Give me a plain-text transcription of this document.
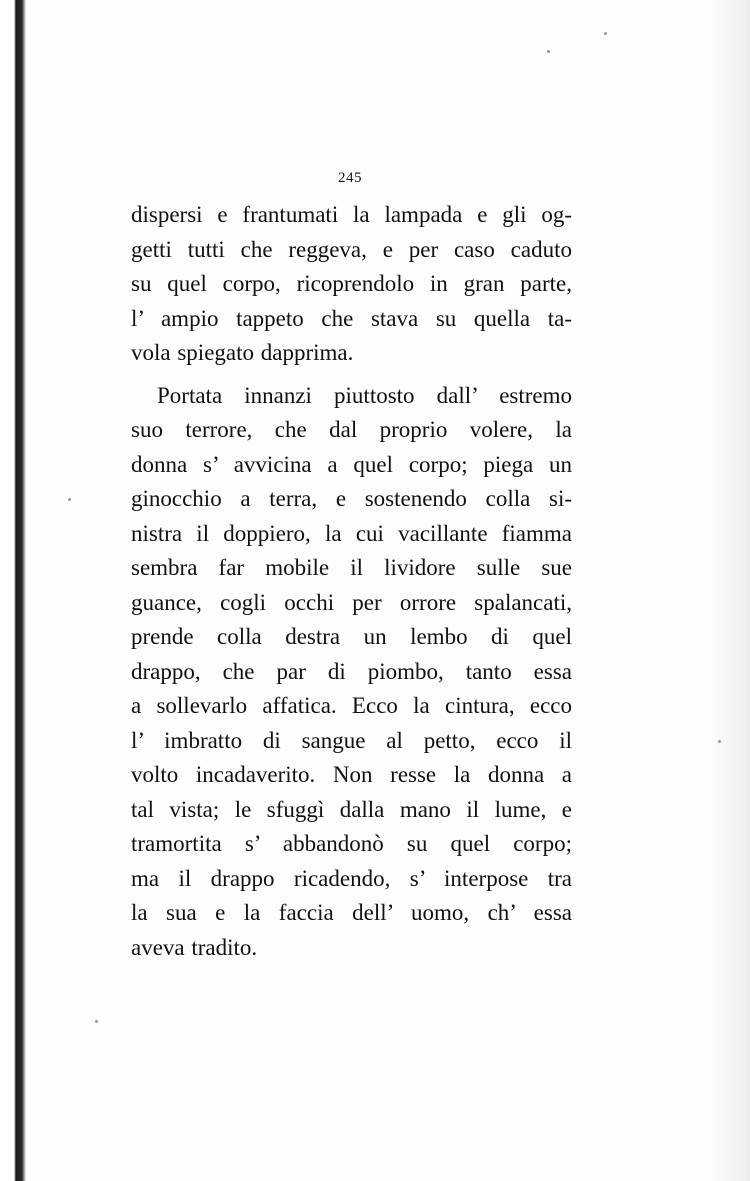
245
dispersi e frantumati la lampada e gli og-
getti tutti che reggeva, e per caso caduto
su quel corpo, ricoprendolo in gran parte,
l’ ampio tappeto che stava su quella ta-
vola spiegato dapprima.
Portata innanzi piuttosto dall’ estremo
suo terrore, che dal proprio volere, la
donna s’ avvicina a quel corpo; piega un
ginocchio a terra, e sostenendo colla si-
nistra il doppiero, la cui vacillante fiamma
sembra far mobile il lividore sulle sue
guance, cogli occhi per orrore spalancati,
prende colla destra un lembo di quel
drappo, che par di piombo, tanto essa
a sollevarlo affatica. Ecco la cintura, ecco
l’ imbratto di sangue al petto, ecco il
volto incadaverito. Non resse la donna a
tal vista; le sfuggì dalla mano il lume, e
tramortita s’ abbandonò su quel corpo;
ma il drappo ricadendo, s’ interpose tra
la sua e la faccia dell’ uomo, ch’ essa
aveva tradito.
